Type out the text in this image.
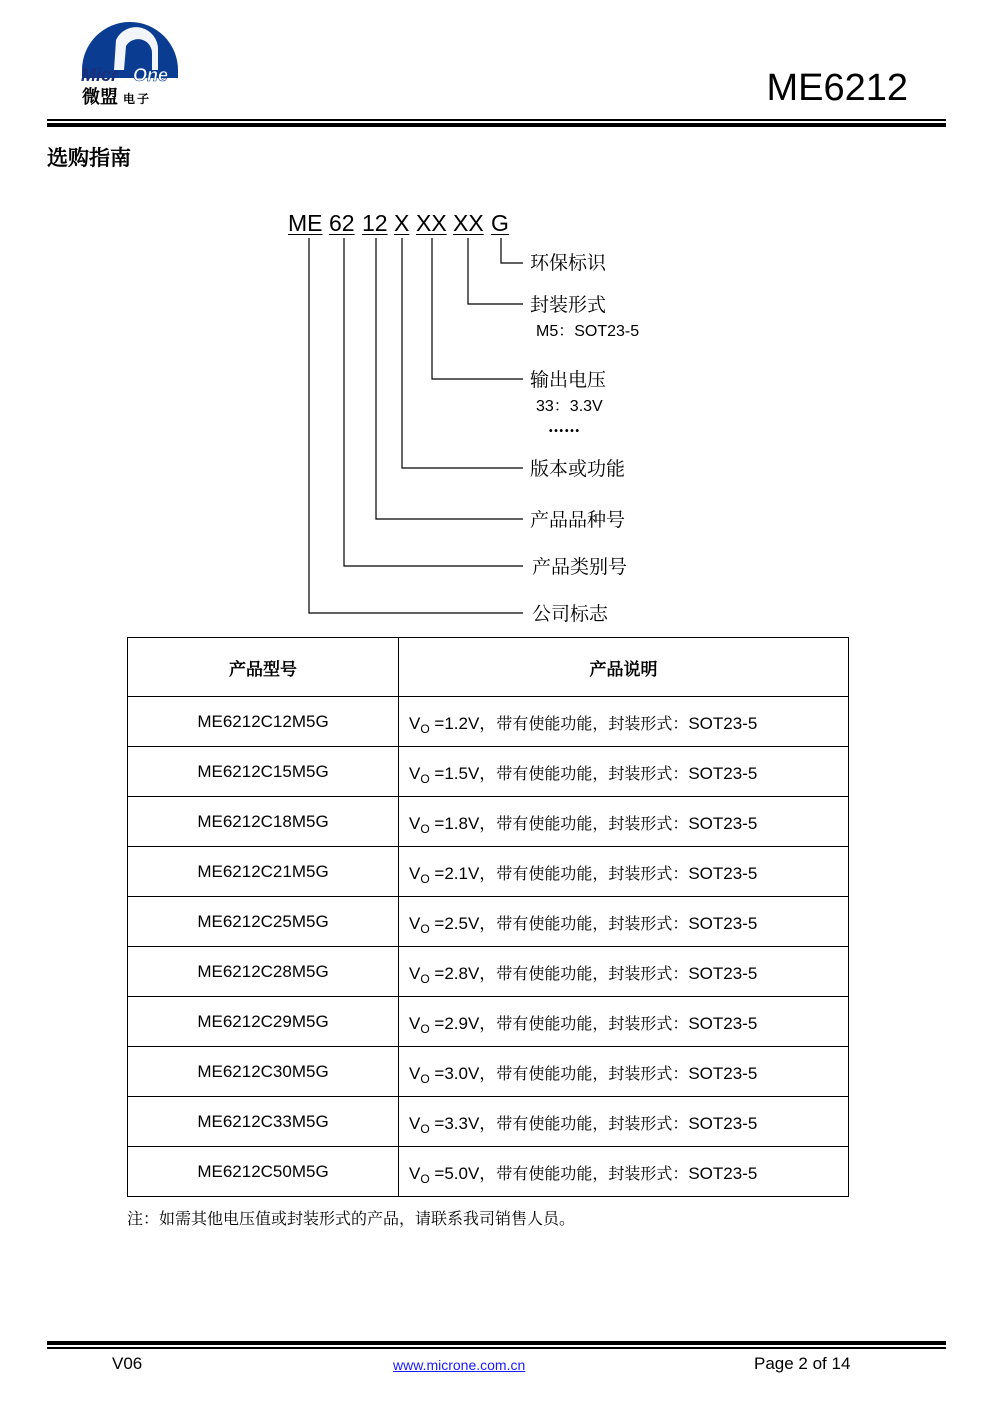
Micr One
微盟 电子	ME6212
选购指南
ME 62 12 X XX XX G
环保标识
封装形式
M5：SOT23-5
输出电压
33：3.3V
……
版本或功能
产品品种号
产品类别号
公司标志
产品型号	产品说明
ME6212C12M5G	$V_O =1.2V$，带有使能功能，封装形式：SOT23-5
ME6212C15M5G	$V_O =1.5V$，带有使能功能，封装形式：SOT23-5
ME6212C18M5G	$V_O =1.8V$，带有使能功能，封装形式：SOT23-5
ME6212C21M5G	$V_O =2.1V$，带有使能功能，封装形式：SOT23-5
ME6212C25M5G	$V_O =2.5V$，带有使能功能，封装形式：SOT23-5
ME6212C28M5G	$V_O =2.8V$，带有使能功能，封装形式：SOT23-5
ME6212C29M5G	$V_O =2.9V$，带有使能功能，封装形式：SOT23-5
ME6212C30M5G	$V_O =3.0V$，带有使能功能，封装形式：SOT23-5
ME6212C33M5G	$V_O =3.3V$，带有使能功能，封装形式：SOT23-5
ME6212C50M5G	$V_O =5.0V$，带有使能功能，封装形式：SOT23-5
注：如需其他电压值或封装形式的产品，请联系我司销售人员。
V06	www.microne.com.cn	Page 2 of 14
